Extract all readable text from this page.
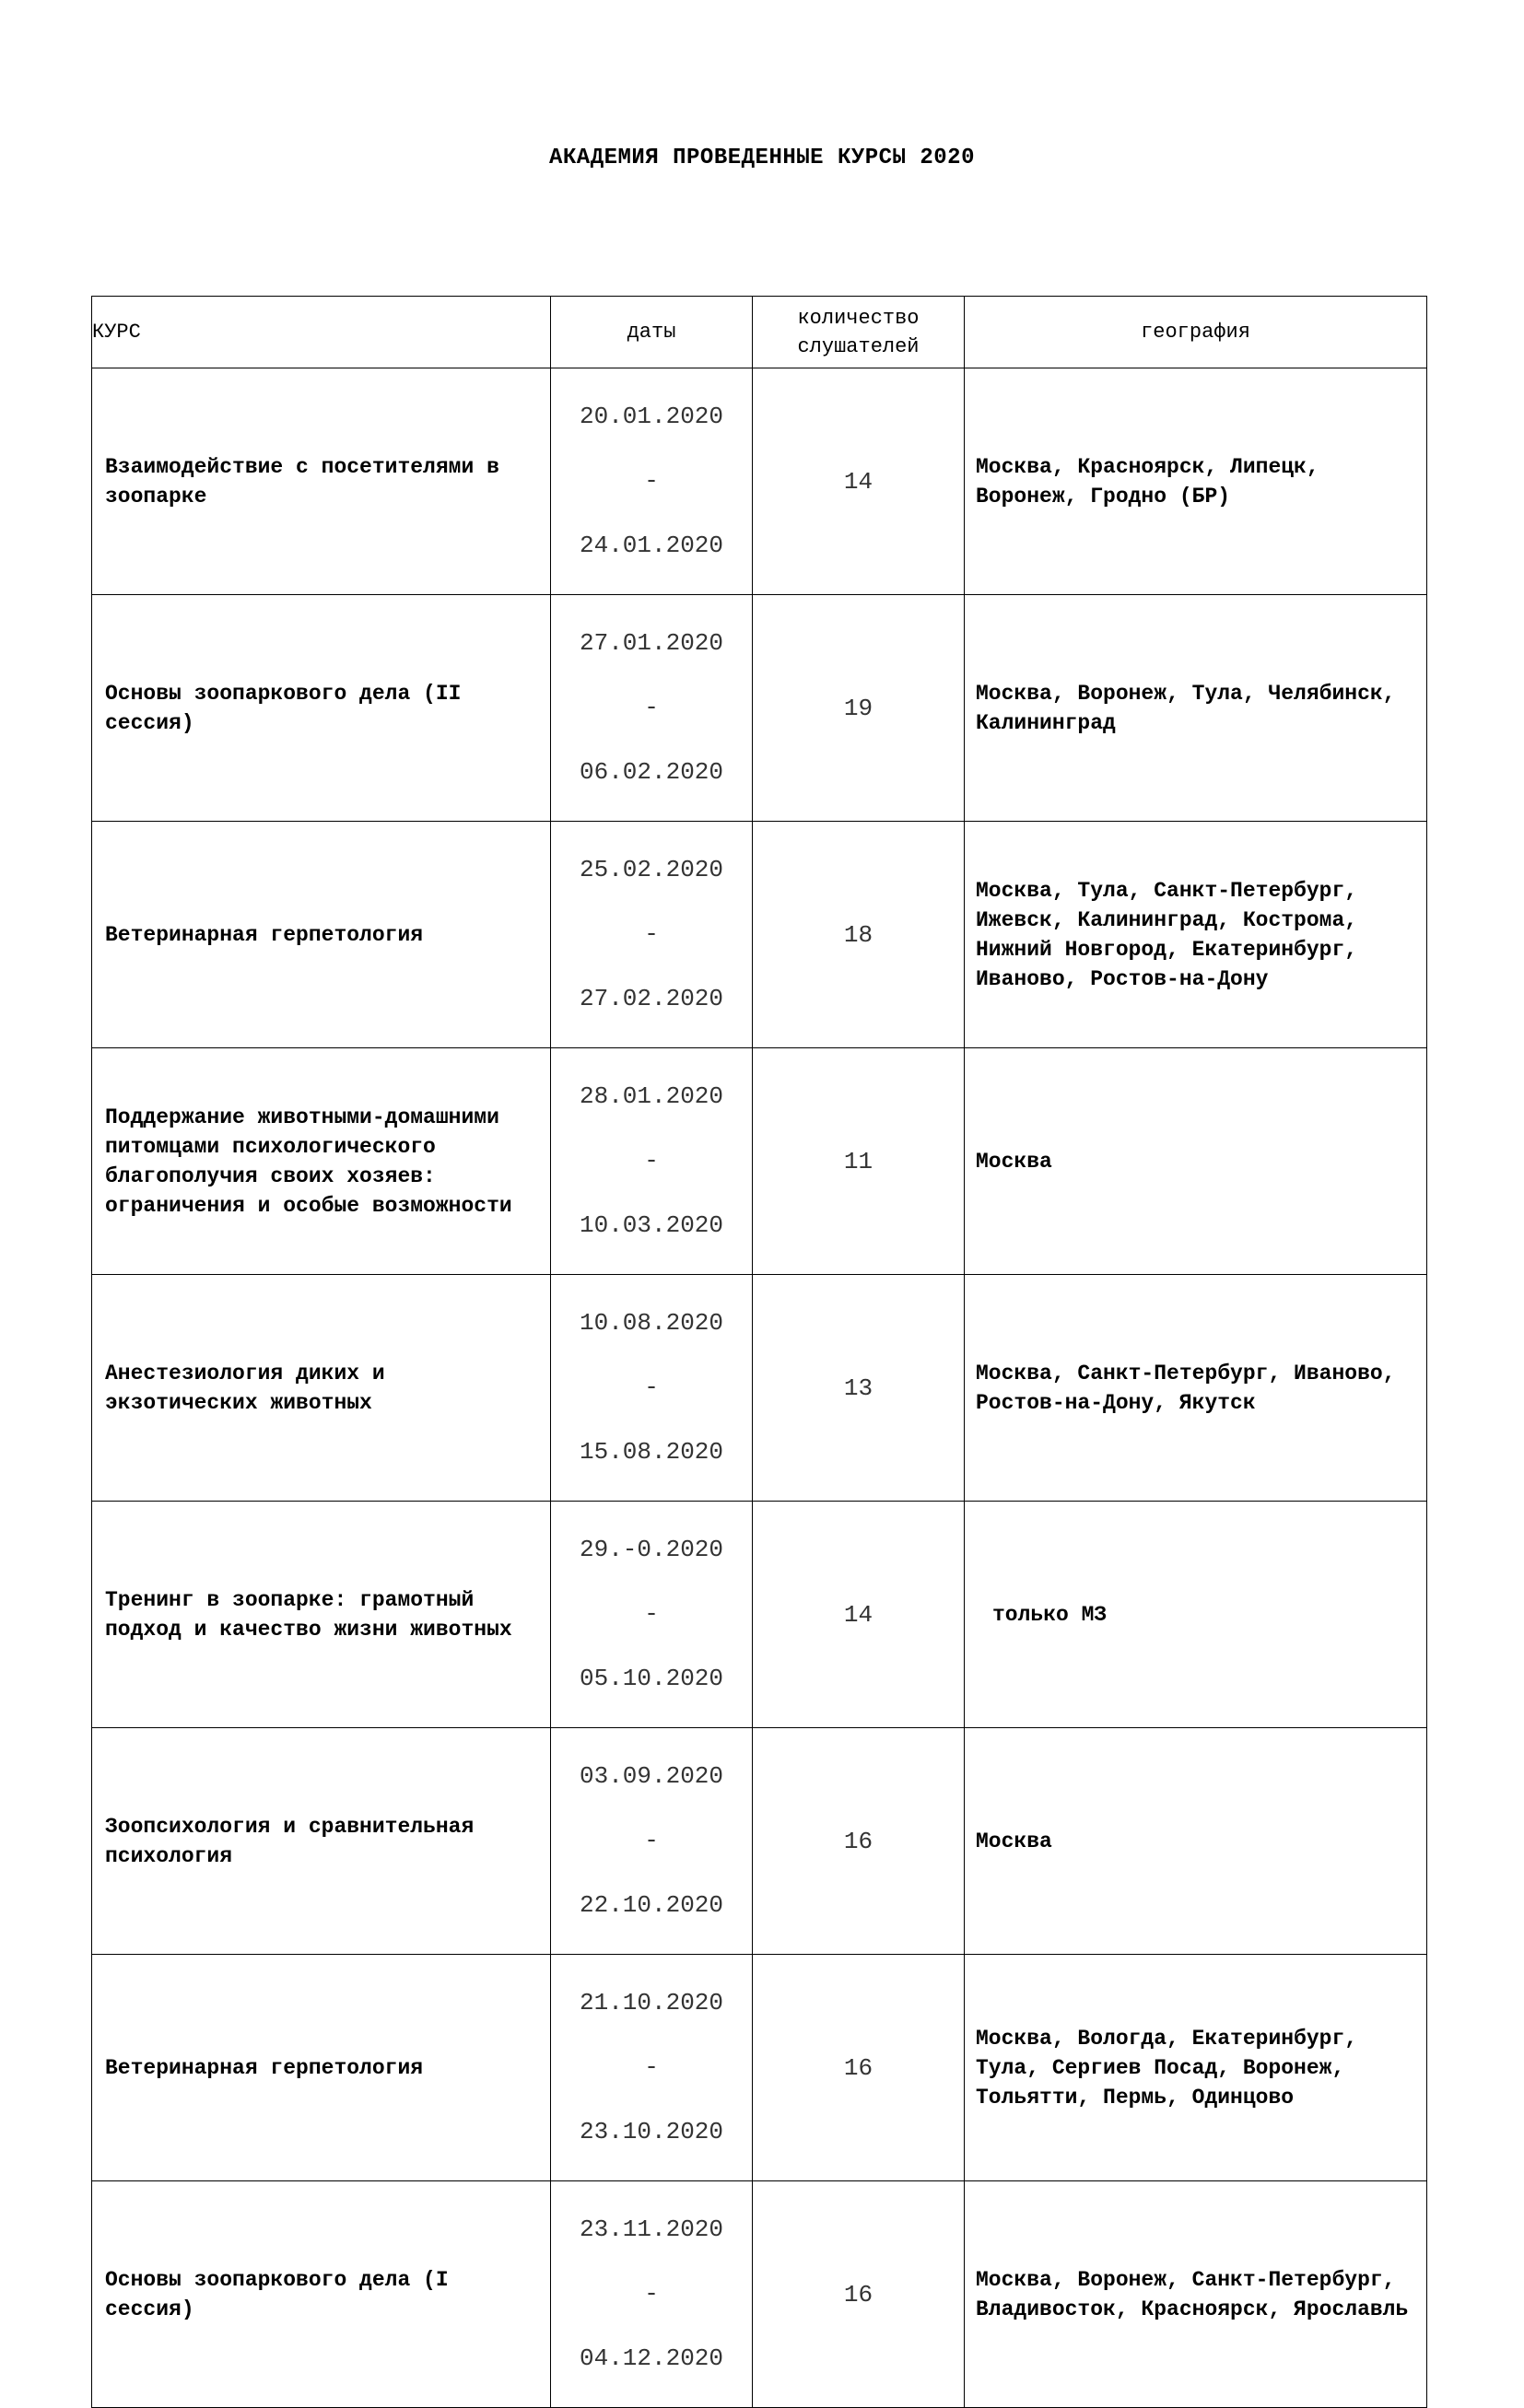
АКАДЕМИЯ ПРОВЕДЕННЫЕ КУРСЫ 2020
КУРС	даты	количество слушателей	география
Взаимодействие с посетителями в зоопарке	20.01.2020

-

24.01.2020	14	Москва, Красноярск, Липецк, Воронеж, Гродно (БР)
Основы зоопаркового дела (II сессия)	27.01.2020

-

06.02.2020	19	Москва, Воронеж, Тула, Челябинск, Калининград
Ветеринарная герпетология	25.02.2020

-

27.02.2020	18	Москва, Тула, Санкт-Петербург, Ижевск, Калининград, Кострома, Нижний Новгород, Екатеринбург, Иваново, Ростов-на-Дону
Поддержание животными-домашними питомцами психологического благополучия своих хозяев: ограничения и особые возможности	28.01.2020

-

10.03.2020	11	Москва
Анестезиология диких и экзотических животных	10.08.2020

-

15.08.2020	13	Москва, Санкт-Петербург, Иваново, Ростов-на-Дону, Якутск
Тренинг в зоопарке: грамотный подход и качество жизни животных	29.-0.2020

-

05.10.2020	14	только МЗ
Зоопсихология и сравнительная психология	03.09.2020

-

22.10.2020	16	Москва
Ветеринарная герпетология	21.10.2020

-

23.10.2020	16	Москва, Вологда, Екатеринбург, Тула, Сергиев Посад, Воронеж, Тольятти, Пермь, Одинцово
Основы зоопаркового дела (I сессия)	23.11.2020

-

04.12.2020	16	Москва, Воронеж, Санкт-Петербург, Владивосток, Красноярск, Ярославль
